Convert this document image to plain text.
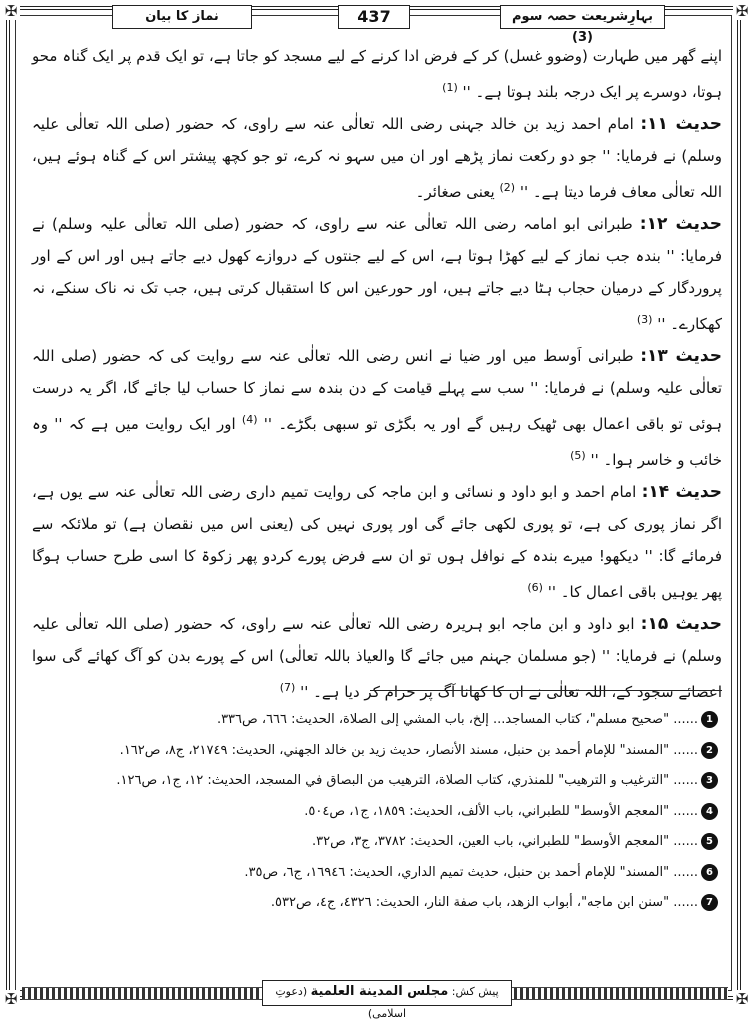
✠	✠
✠	✠
نماز کا بیان	437	بہارِشریعت حصہ سوم (3)

اپنے گھر میں طہارت (وضوو غسل) کر کے فرض ادا کرنے کے لیے مسجد کو جاتا ہے، تو ایک قدم پر ایک گناہ محو ہوتا، دوسرے پر ایک درجہ بلند ہوتا ہے۔ '' $^{(1)}$

حدیث ۱۱: امام احمد زید بن خالد جہنی رضی اللہ تعالٰی عنہ سے راوی، کہ حضور (صلی اللہ تعالٰی علیہ وسلم) نے فرمایا: '' جو دو رکعت نماز پڑھے اور ان میں سہو نہ کرے، تو جو کچھ پیشتر اس کے گناہ ہوئے ہیں، اللہ تعالٰی معاف فرما دیتا ہے۔ '' $^{(2)}$ یعنی صغائر۔

حدیث ۱۲: طبرانی ابو امامہ رضی اللہ تعالٰی عنہ سے راوی، کہ حضور (صلی اللہ تعالٰی علیہ وسلم) نے فرمایا: '' بندہ جب نماز کے لیے کھڑا ہوتا ہے، اس کے لیے جنتوں کے دروازے کھول دیے جاتے ہیں اور اس کے اور پروردگار کے درمیان حجاب ہٹا دیے جاتے ہیں، اور حورعین اس کا استقبال کرتی ہیں، جب تک نہ ناک سنکے، نہ کھکارے۔ '' $^{(3)}$

حدیث ۱۳: طبرانی اَوسط میں اور ضیا نے انس رضی اللہ تعالٰی عنہ سے روایت کی کہ حضور (صلی اللہ تعالٰی علیہ وسلم) نے فرمایا: '' سب سے پہلے قیامت کے دن بندہ سے نماز کا حساب لیا جائے گا، اگر یہ درست ہوئی تو باقی اعمال بھی ٹھیک رہیں گے اور یہ بگڑی تو سبھی بگڑے۔ '' $^{(4)}$ اور ایک روایت میں ہے کہ '' وہ خائب و خاسر ہوا۔ '' $^{(5)}$

حدیث ۱۴: امام احمد و ابو داود و نسائی و ابن ماجہ کی روایت تمیم داری رضی اللہ تعالٰی عنہ سے یوں ہے، اگر نماز پوری کی ہے، تو پوری لکھی جائے گی اور پوری نہیں کی (یعنی اس میں نقصان ہے) تو ملائکہ سے فرمائے گا: '' دیکھو! میرے بندہ کے نوافل ہوں تو ان سے فرض پورے کردو پھر زکوۃ کا اسی طرح حساب ہوگا پھر یوہیں باقی اعمال کا۔ '' $^{(6)}$

حدیث ۱۵: ابو داود و ابن ماجہ ابو ہریرہ رضی اللہ تعالٰی عنہ سے راوی، کہ حضور (صلی اللہ تعالٰی علیہ وسلم) نے فرمایا: '' (جو مسلمان جہنم میں جائے گا والعیاذ باللہ تعالٰی) اس کے پورے بدن کو آگ کھائے گی سوا اعضائے سجود کے، اللہ تعالٰی نے ان کا کھانا آگ پر حرام کر دیا ہے۔ '' $^{(7)}$

1...... "صحيح مسلم"، كتاب المساجد... إلخ، باب المشي إلى الصلاة، الحديث: ٦٦٦، ص٣٣٦.

2...... "المسند" للإمام أحمد بن حنبل، مسند الأنصار، حديث زيد بن خالد الجهني، الحديث: ٢١٧٤٩، ج٨، ص١٦٢.

3...... "الترغيب و الترهيب" للمنذري، كتاب الصلاة، الترهيب من البصاق في المسجد، الحديث: ١٢، ج١، ص١٢٦.

4...... "المعجم الأوسط" للطبراني، باب الألف، الحديث: ١٨٥٩، ج١، ص٥٠٤.

5...... "المعجم الأوسط" للطبراني، باب العين، الحديث: ٣٧٨٢، ج٣، ص٣٢.

6...... "المسند" للإمام أحمد بن حنبل، حديث تميم الداري، الحديث: ١٦٩٤٦، ج٦، ص٣٥.

7...... "سنن ابن ماجه"، أبواب الزهد، باب صفة النار، الحديث: ٤٣٢٦، ج٤، ص٥٣٢.

پیش کش: مجلس المدينة العلمية (دعوتِ اسلامی)
